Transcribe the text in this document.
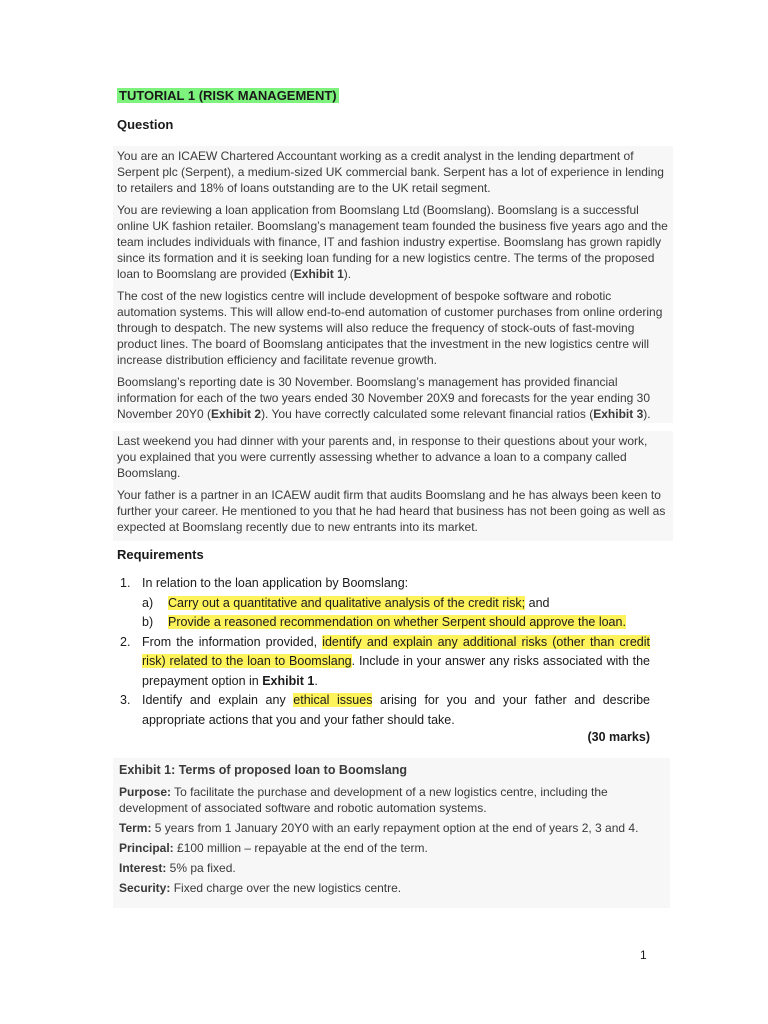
TUTORIAL 1 (RISK MANAGEMENT)
Question

You are an ICAEW Chartered Accountant working as a credit analyst in the lending department of Serpent plc (Serpent), a medium-sized UK commercial bank. Serpent has a lot of experience in lending to retailers and 18% of loans outstanding are to the UK retail segment.

You are reviewing a loan application from Boomslang Ltd (Boomslang). Boomslang is a successful online UK fashion retailer. Boomslang’s management team founded the business five years ago and the team includes individuals with finance, IT and fashion industry expertise. Boomslang has grown rapidly since its formation and it is seeking loan funding for a new logistics centre. The terms of the proposed loan to Boomslang are provided (Exhibit 1).

The cost of the new logistics centre will include development of bespoke software and robotic automation systems. This will allow end-to-end automation of customer purchases from online ordering through to despatch. The new systems will also reduce the frequency of stock-outs of fast-moving product lines. The board of Boomslang anticipates that the investment in the new logistics centre will increase distribution efficiency and facilitate revenue growth.

Boomslang’s reporting date is 30 November. Boomslang’s management has provided financial information for each of the two years ended 30 November 20X9 and forecasts for the year ending 30 November 20Y0 (Exhibit 2). You have correctly calculated some relevant financial ratios (Exhibit 3).

Last weekend you had dinner with your parents and, in response to their questions about your work, you explained that you were currently assessing whether to advance a loan to a company called Boomslang.

Your father is a partner in an ICAEW audit firm that audits Boomslang and he has always been keen to further your career. He mentioned to you that he had heard that business has not been going as well as expected at Boomslang recently due to new entrants into its market.

Requirements
1. In relation to the loan application by Boomslang:
a) Carry out a quantitative and qualitative analysis of the credit risk; and
b) Provide a reasoned recommendation on whether Serpent should approve the loan.
2. From the information provided, identify and explain any additional risks (other than credit risk) related to the loan to Boomslang. Include in your answer any risks associated with the prepayment option in Exhibit 1.
3. Identify and explain any ethical issues arising for you and your father and describe appropriate actions that you and your father should take.
(30 marks)
Exhibit 1: Terms of proposed loan to Boomslang
Purpose: To facilitate the purchase and development of a new logistics centre, including the development of associated software and robotic automation systems.
Term: 5 years from 1 January 20Y0 with an early repayment option at the end of years 2, 3 and 4.
Principal: £100 million – repayable at the end of the term.
Interest: 5% pa fixed.
Security: Fixed charge over the new logistics centre.
1
